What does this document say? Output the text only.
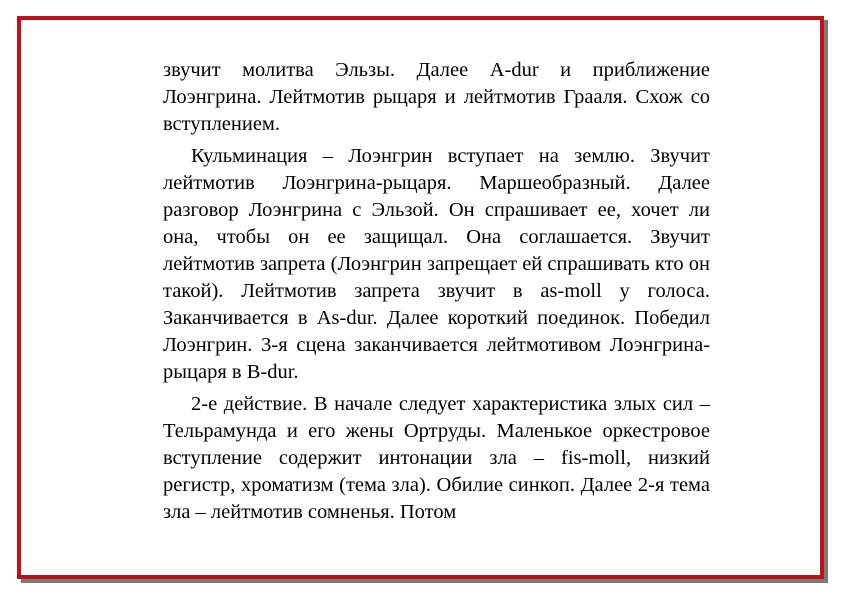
звучит молитва Эльзы. Далее A-dur и приближение Лоэнгрина. Лейтмотив рыцаря и лейтмотив Грааля. Схож со вступлением.

Кульминация – Лоэнгрин вступает на землю. Звучит лейтмотив Лоэнгрина-рыцаря. Маршеобразный. Далее разговор Лоэнгрина с Эльзой. Он спрашивает ее, хочет ли она, чтобы он ее защищал. Она соглашается. Звучит лейтмотив запрета (Лоэнгрин запрещает ей спрашивать кто он такой). Лейтмотив запрета звучит в as-moll у голоса. Заканчивается в As-dur. Далее короткий поединок. Победил Лоэнгрин. 3-я сцена заканчивается лейтмотивом Лоэнгрина-рыцаря в B-dur.

2-е действие. В начале следует характеристика злых сил – Тельрамунда и его жены Ортруды. Маленькое оркестровое вступление содержит интонации зла – fis-moll, низкий регистр, хроматизм (тема зла). Обилие синкоп. Далее 2-я тема зла – лейтмотив сомненья. Потом
